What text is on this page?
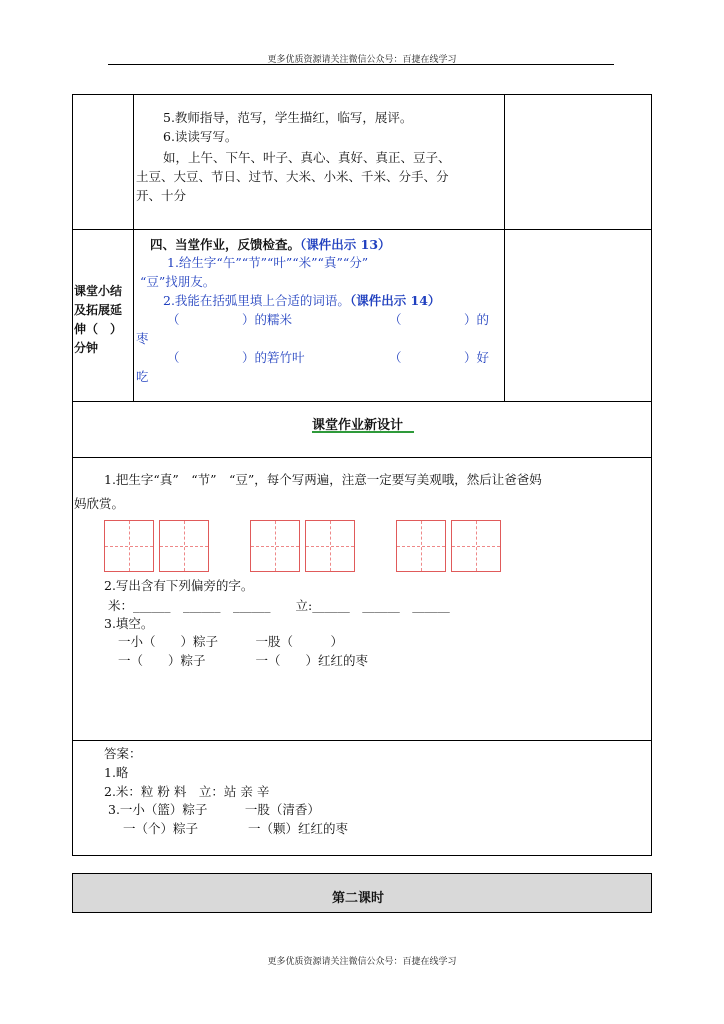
更多优质资源请关注微信公众号：百捷在线学习
5.教师指导，范写，学生描红，临写，展评。
6.读读写写。
如，上午、下午、叶子、真心、真好、真正、豆子、
土豆、大豆、节日、过节、大米、小米、千米、分手、分
开、十分
课堂小结
及拓展延
伸（　）
分钟
四、当堂作业，反馈检查。（课件出示 13）
1.给生字“午”“节”“叶”“米”“真”“分”
“豆”找朋友。
2.我能在括弧里填上合适的词语。（课件出示 14）
（　　　　　）的糯米	（　　　　　）的
枣
（　　　　　）的箬竹叶	（　　　　　）好
吃
课堂作业新设计
1.把生字“真”　“节”　“豆”，每个写两遍，注意一定要写美观哦，然后让爸爸妈
妈欣赏。
2.写出含有下列偏旁的字。
米：______　______　______　　立:______　______　______
3.填空。
一小（　　）粽子　　　一股（　　　）
一（　　）粽子　　　　一（　　）红红的枣
答案：
1.略
2.米：粒 粉 料　立：站 亲 辛
3.一小（篮）粽子　　　一股（清香）
一（个）粽子　　　　一（颗）红红的枣
第二课时
更多优质资源请关注微信公众号：百捷在线学习
